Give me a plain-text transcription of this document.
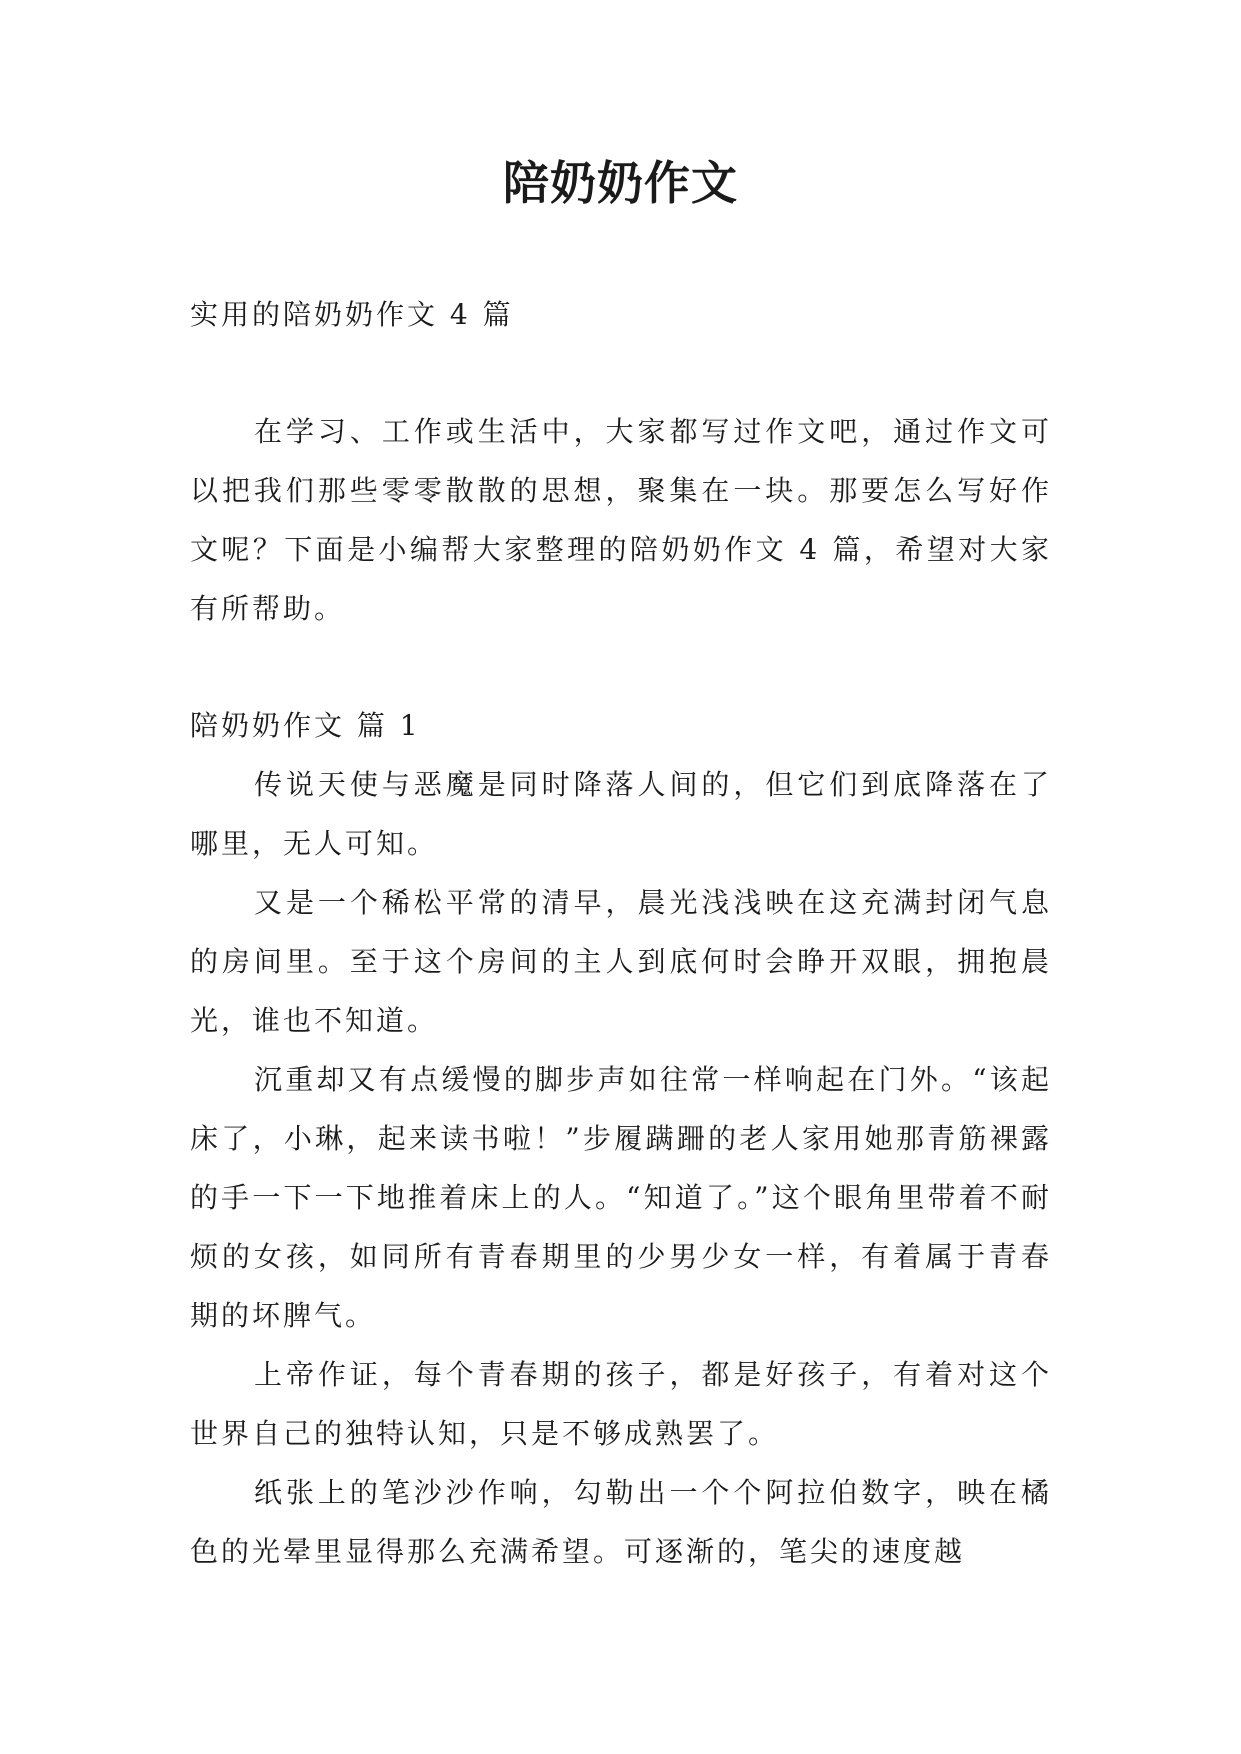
陪奶奶作文

实用的陪奶奶作文 4 篇

在学习、工作或生活中，大家都写过作文吧，通过作文可以把我们那些零零散散的思想，聚集在一块。那要怎么写好作文呢？下面是小编帮大家整理的陪奶奶作文 4 篇，希望对大家有所帮助。

陪奶奶作文 篇 1

传说天使与恶魔是同时降落人间的，但它们到底降落在了哪里，无人可知。

又是一个稀松平常的清早，晨光浅浅映在这充满封闭气息的房间里。至于这个房间的主人到底何时会睁开双眼，拥抱晨光，谁也不知道。

沉重却又有点缓慢的脚步声如往常一样响起在门外。“该起床了，小琳，起来读书啦！”步履蹒跚的老人家用她那青筋裸露的手一下一下地推着床上的人。“知道了。”这个眼角里带着不耐烦的女孩，如同所有青春期里的少男少女一样，有着属于青春期的坏脾气。

上帝作证，每个青春期的孩子，都是好孩子，有着对这个世界自己的独特认知，只是不够成熟罢了。

纸张上的笔沙沙作响，勾勒出一个个阿拉伯数字，映在橘色的光晕里显得那么充满希望。可逐渐的，笔尖的速度越
